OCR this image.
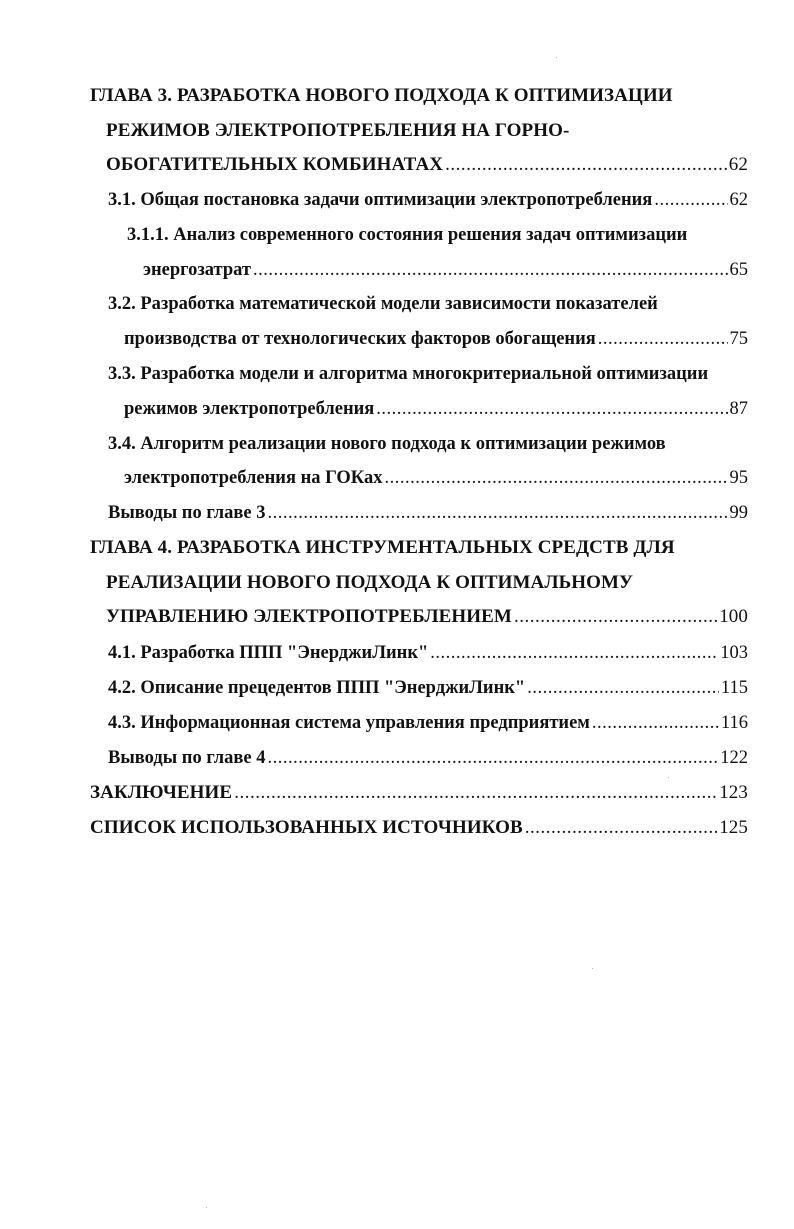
ГЛАВА 3. РАЗРАБОТКА НОВОГО ПОДХОДА К ОПТИМИЗАЦИИ
РЕЖИМОВ ЭЛЕКТРОПОТРЕБЛЕНИЯ НА ГОРНО-
ОБОГАТИТЕЛЬНЫХ КОМБИНАТАХ .....	62
3.1. Общая постановка задачи оптимизации электропотребления .....	62
3.1.1. Анализ современного состояния решения задач оптимизации
энергозатрат .....	65
3.2. Разработка математической модели зависимости показателей
производства от технологических факторов обогащения .....	75
3.3. Разработка модели и алгоритма многокритериальной оптимизации
режимов электропотребления .....	87
3.4. Алгоритм реализации нового подхода к оптимизации режимов
электропотребления на ГОКах .....	95
Выводы по главе 3 .....	99
ГЛАВА 4. РАЗРАБОТКА ИНСТРУМЕНТАЛЬНЫХ СРЕДСТВ ДЛЯ
РЕАЛИЗАЦИИ НОВОГО ПОДХОДА К ОПТИМАЛЬНОМУ
УПРАВЛЕНИЮ ЭЛЕКТРОПОТРЕБЛЕНИЕМ .....	100
4.1. Разработка ППП "ЭнерджиЛинк" .....	103
4.2. Описание прецедентов ППП "ЭнерджиЛинк" .....	115
4.3. Информационная система управления предприятием .....	116
Выводы по главе 4 .....	122
ЗАКЛЮЧЕНИЕ .....	123
СПИСОК ИСПОЛЬЗОВАННЫХ ИСТОЧНИКОВ .....	125
